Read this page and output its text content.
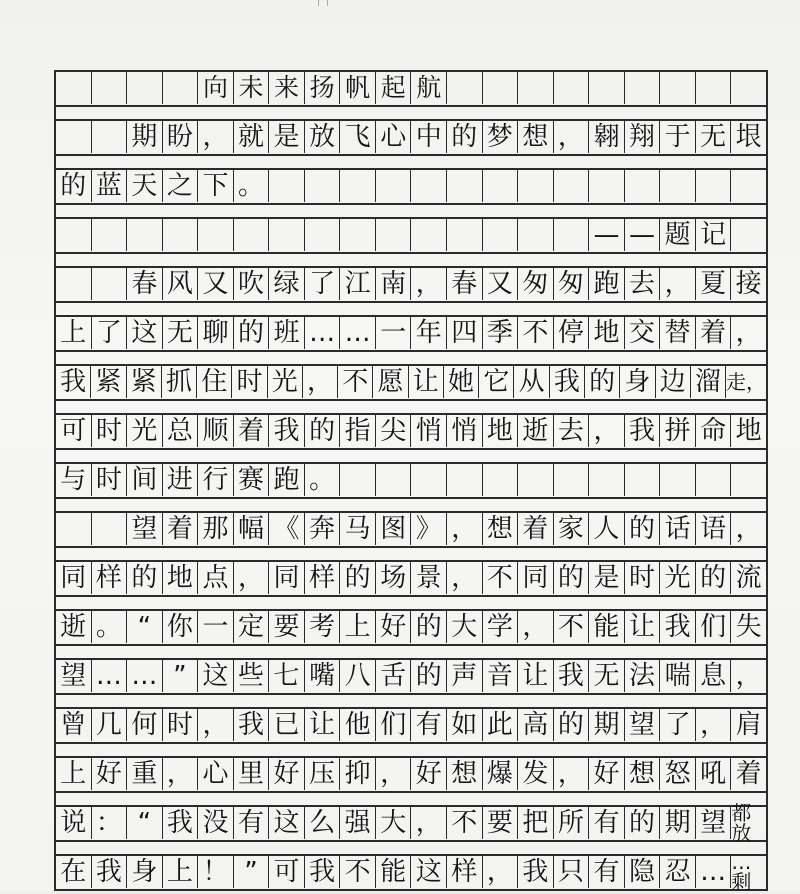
向 未 来 扬 帆 起 航
期 盼 ， 就 是 放 飞 心 中 的 梦 想 ， 翱 翔 于 无 垠
的 蓝 天 之 下 。
— — 题 记
春 风 又 吹 绿 了 江 南 ， 春 又 匆 匆 跑 去 ， 夏 接
上 了 这 无 聊 的 班 … … 一 年 四 季 不 停 地 交 替 着 ，
我 紧 紧 抓 住 时 光 ， 不 愿 让 她 它 从 我 的 身 边 溜 走，
可 时 光 总 顺 着 我 的 指 尖 悄 悄 地 逝 去 ， 我 拼 命 地
与 时 间 进 行 赛 跑 。
望 着 那 幅 《 奔 马 图 》 ， 想 着 家 人 的 话 语 ，
同 样 的 地 点 ， 同 样 的 场 景 ， 不 同 的 是 时 光 的 流
逝 。 “ 你 一 定 要 考 上 好 的 大 学 ， 不 能 让 我 们 失
望 … … ” 这 些 七 嘴 八 舌 的 声 音 让 我 无 法 喘 息 ，
曾 几 何 时 ， 我 已 让 他 们 有 如 此 高 的 期 望 了 ， 肩
上 好 重 ， 心 里 好 压 抑 ， 好 想 爆 发 ， 好 想 怒 吼 着
说 ： “ 我 没 有 这 么 强 大 ， 不 要 把 所 有 的 期 望 都放
在 我 身 上 ！ ” 可 我 不 能 这 样 ， 我 只 有 隐 忍 … …剩
